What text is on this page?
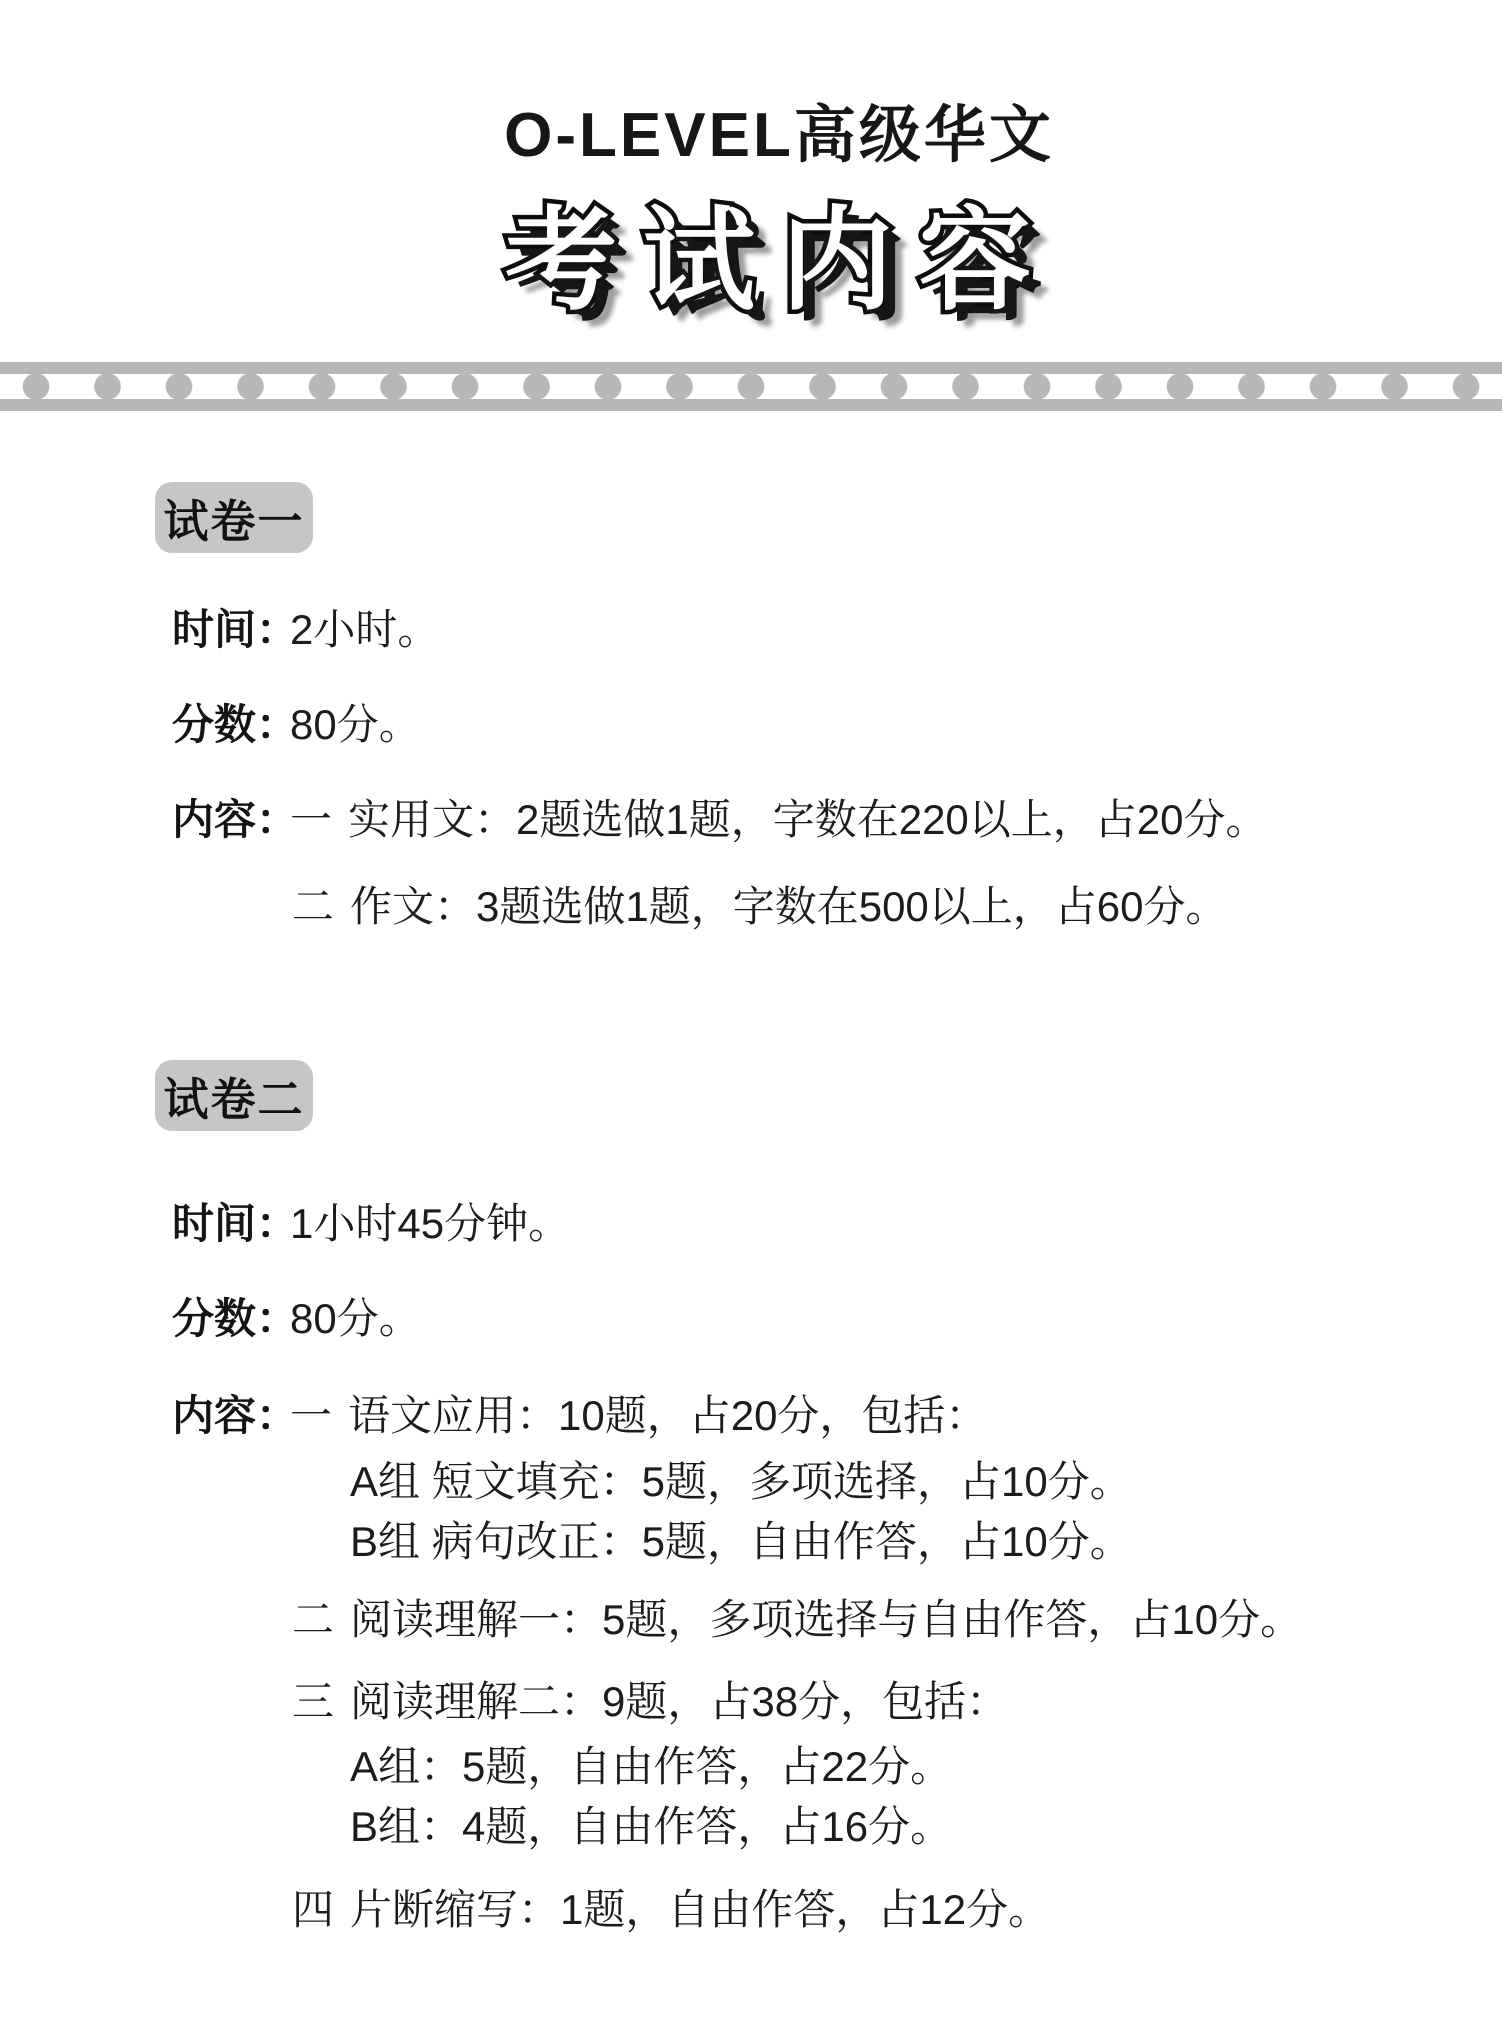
O-LEVEL高级华文
考试内容
试卷一
时间：2小时。
分数：80分。
内容：一 实用文：2题选做1题，字数在220以上，占20分。
二 作文：3题选做1题，字数在500以上，占60分。
试卷二
时间：1小时45分钟。
分数：80分。
内容：一 语文应用：10题，占20分，包括：
A组 短文填充：5题，多项选择，占10分。
B组 病句改正：5题，自由作答，占10分。
二 阅读理解一：5题，多项选择与自由作答，占10分。
三 阅读理解二：9题，占38分，包括：
A组：5题，自由作答，占22分。
B组：4题，自由作答，占16分。
四 片断缩写：1题，自由作答，占12分。
